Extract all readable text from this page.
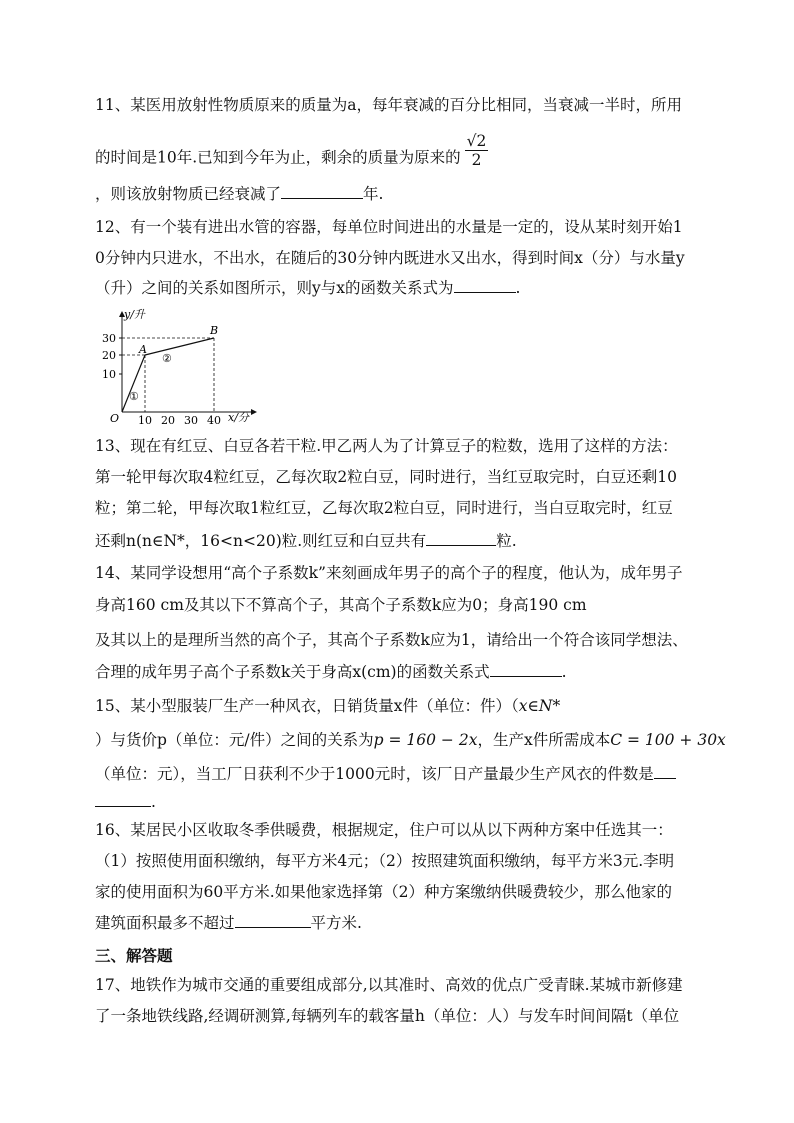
11、某医用放射性物质原来的质量为a，每年衰减的百分比相同，当衰减一半时，所用
的时间是10年.已知到今年为止，剩余的质量为原来的 $\frac{√2}{2}$
，则该放射物质已经衰减了	年.
12、有一个装有进出水管的容器，每单位时间进出的水量是一定的，设从某时刻开始1
0分钟内只进水，不出水，在随后的30分钟内既进水又出水，得到时间x（分）与水量y
（升）之间的关系如图所示，则y与x的函数关系式为	.
y/升
x/分
O
30
20
10
10 20 30 40
A
B
①
②
13、现在有红豆、白豆各若干粒.甲乙两人为了计算豆子的粒数，选用了这样的方法：
第一轮甲每次取4粒红豆，乙每次取2粒白豆，同时进行，当红豆取完时，白豆还剩10
粒；第二轮，甲每次取1粒红豆，乙每次取2粒白豆，同时进行，当白豆取完时，红豆
还剩n(n∈N*，16<n<20)粒.则红豆和白豆共有	粒.
14、某同学设想用“高个子系数k”来刻画成年男子的高个子的程度，他认为，成年男子
身高160 cm及其以下不算高个子，其高个子系数k应为0；身高190 cm
及其以上的是理所当然的高个子，其高个子系数k应为1，请给出一个符合该同学想法、
合理的成年男子高个子系数k关于身高x(cm)的函数关系式	.
15、某小型服装厂生产一种风衣，日销货量x件（单位：件）（x∈N*
）与货价p（单位：元/件）之间的关系为p = 160 − 2x，生产x件所需成本C = 100 + 30x
（单位：元），当工厂日获利不少于1000元时，该厂日产量最少生产风衣的件数是
.
16、某居民小区收取冬季供暖费，根据规定，住户可以从以下两种方案中任选其一：
（1）按照使用面积缴纳，每平方米4元；（2）按照建筑面积缴纳，每平方米3元.李明
家的使用面积为60平方米.如果他家选择第（2）种方案缴纳供暖费较少，那么他家的
建筑面积最多不超过	平方米.
三、解答题
17、地铁作为城市交通的重要组成部分,以其准时、高效的优点广受青睐.某城市新修建
了一条地铁线路,经调研测算,每辆列车的载客量h（单位：人）与发车时间间隔t（单位
